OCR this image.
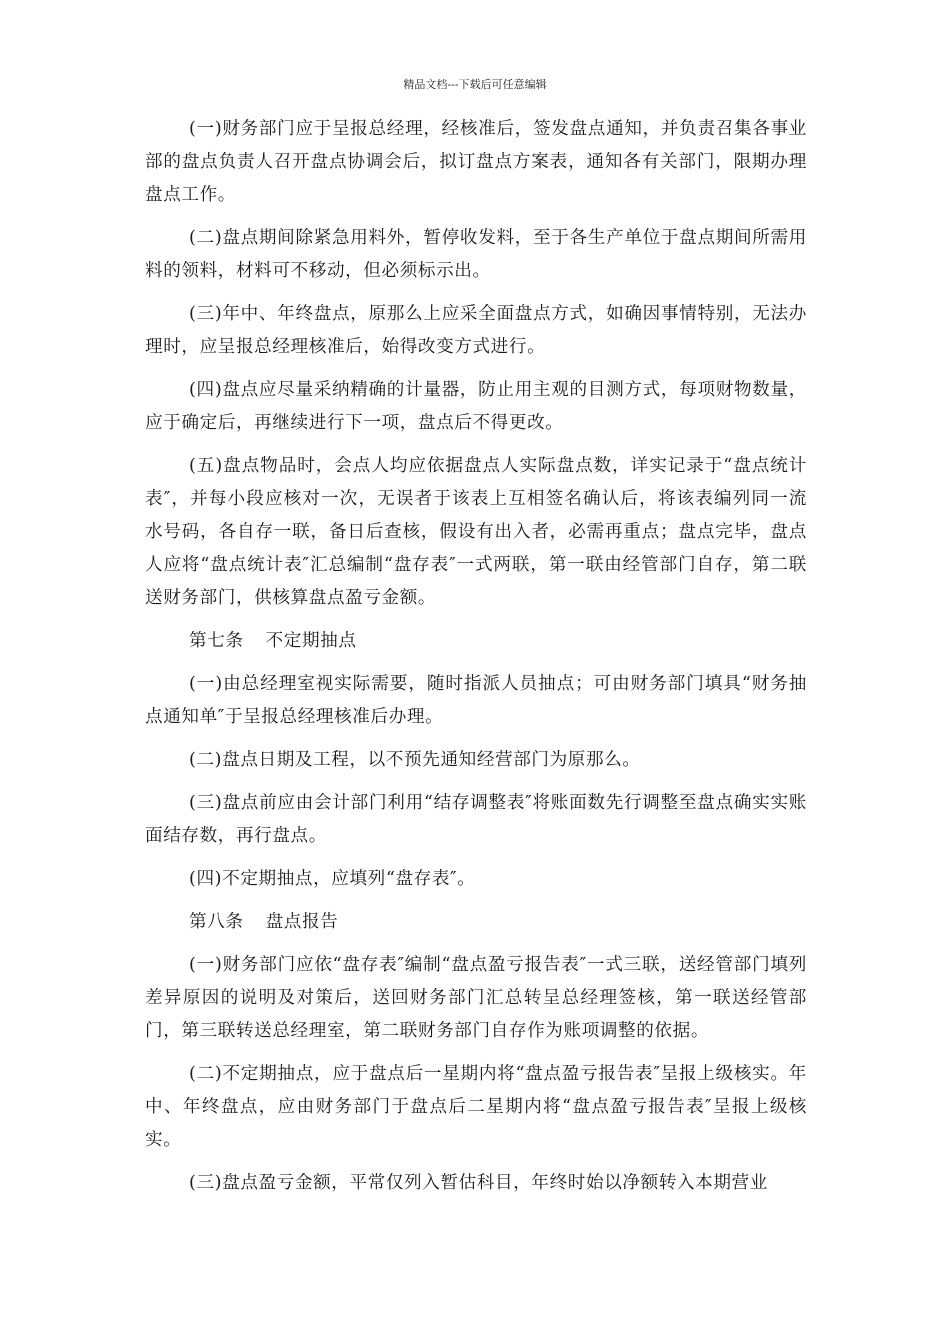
精品文档---下载后可任意编辑

(一)财务部门应于呈报总经理，经核准后，签发盘点通知，并负责召集各事业部的盘点负责人召开盘点协调会后，拟订盘点方案表，通知各有关部门，限期办理盘点工作。

(二)盘点期间除紧急用料外，暂停收发料，至于各生产单位于盘点期间所需用料的领料，材料可不移动，但必须标示出。

(三)年中、年终盘点，原那么上应采全面盘点方式，如确因事情特别，无法办理时，应呈报总经理核准后，始得改变方式进行。

(四)盘点应尽量采纳精确的计量器，防止用主观的目测方式，每项财物数量，应于确定后，再继续进行下一项，盘点后不得更改。

(五)盘点物品时，会点人均应依据盘点人实际盘点数，详实记录于“盘点统计表″，并每小段应核对一次，无误者于该表上互相签名确认后，将该表编列同一流水号码，各自存一联，备日后查核，假设有出入者，必需再重点；盘点完毕，盘点人应将“盘点统计表″汇总编制“盘存表″一式两联，第一联由经管部门自存，第二联送财务部门，供核算盘点盈亏金额。

第七条 不定期抽点

(一)由总经理室视实际需要，随时指派人员抽点；可由财务部门填具“财务抽点通知单″于呈报总经理核准后办理。

(二)盘点日期及工程，以不预先通知经营部门为原那么。

(三)盘点前应由会计部门利用“结存调整表″将账面数先行调整至盘点确实实账面结存数，再行盘点。

(四)不定期抽点，应填列“盘存表″。

第八条 盘点报告

(一)财务部门应依“盘存表″编制“盘点盈亏报告表″一式三联，送经管部门填列差异原因的说明及对策后，送回财务部门汇总转呈总经理签核，第一联送经管部门，第三联转送总经理室，第二联财务部门自存作为账项调整的依据。

(二)不定期抽点，应于盘点后一星期内将“盘点盈亏报告表″呈报上级核实。年中、年终盘点，应由财务部门于盘点后二星期内将“盘点盈亏报告表″呈报上级核实。

(三)盘点盈亏金额，平常仅列入暂估科目，年终时始以净额转入本期营业
